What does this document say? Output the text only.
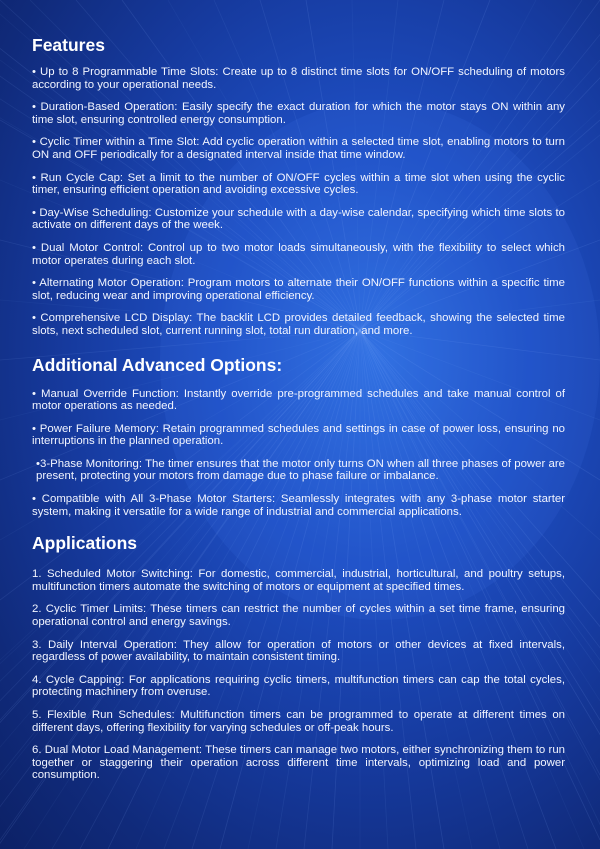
Features

• Up to 8 Programmable Time Slots: Create up to 8 distinct time slots for ON/OFF scheduling of motors according to your operational needs.

• Duration-Based Operation: Easily specify the exact duration for which the motor stays ON within any time slot, ensuring controlled energy consumption.

• Cyclic Timer within a Time Slot: Add cyclic operation within a selected time slot, enabling motors to turn ON and OFF periodically for a designated interval inside that time window.

• Run Cycle Cap: Set a limit to the number of ON/OFF cycles within a time slot when using the cyclic timer, ensuring efficient operation and avoiding excessive cycles.

• Day-Wise Scheduling: Customize your schedule with a day-wise calendar, specifying which time slots to activate on different days of the week.

• Dual Motor Control: Control up to two motor loads simultaneously, with the flexibility to select which motor operates during each slot.

• Alternating Motor Operation: Program motors to alternate their ON/OFF functions within a specific time slot, reducing wear and improving operational efficiency.

• Comprehensive LCD Display: The backlit LCD provides detailed feedback, showing the selected time slots, next scheduled slot, current running slot, total run duration, and more.

Additional Advanced Options:

• Manual Override Function: Instantly override pre-programmed schedules and take manual control of motor operations as needed.

• Power Failure Memory: Retain programmed schedules and settings in case of power loss, ensuring no interruptions in the planned operation.

•3-Phase Monitoring: The timer ensures that the motor only turns ON when all three phases of power are present, protecting your motors from damage due to phase failure or imbalance.

• Compatible with All 3-Phase Motor Starters: Seamlessly integrates with any 3-phase motor starter system, making it versatile for a wide range of industrial and commercial applications.

Applications

1. Scheduled Motor Switching: For domestic, commercial, industrial, horticultural, and poultry setups, multifunction timers automate the switching of motors or equipment at specified times.

2. Cyclic Timer Limits: These timers can restrict the number of cycles within a set time frame, ensuring operational control and energy savings.

3. Daily Interval Operation: They allow for operation of motors or other devices at fixed intervals, regardless of power availability, to maintain consistent timing.

4. Cycle Capping: For applications requiring cyclic timers, multifunction timers can cap the total cycles, protecting machinery from overuse.

5. Flexible Run Schedules: Multifunction timers can be programmed to operate at different times on different days, offering flexibility for varying schedules or off-peak hours.

6. Dual Motor Load Management: These timers can manage two motors, either synchronizing them to run together or staggering their operation across different time intervals, optimizing load and power consumption.
